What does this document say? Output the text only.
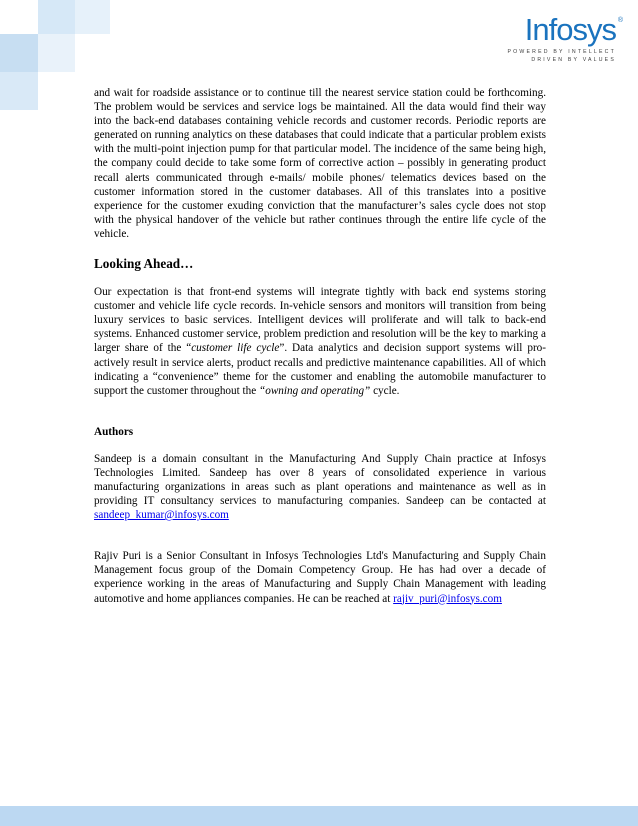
Infosys ®
POWERED BY INTELLECT
DRIVEN BY VALUES

and wait for roadside assistance or to continue till the nearest service station could be forthcoming. The problem would be services and service logs be maintained. All the data would find their way into the back-end databases containing vehicle records and customer records. Periodic reports are generated on running analytics on these databases that could indicate that a particular problem exists with the multi-point injection pump for that particular model. The incidence of the same being high, the company could decide to take some form of corrective action – possibly in generating product recall alerts communicated through e-mails/ mobile phones/ telematics devices based on the customer information stored in the customer databases. All of this translates into a positive experience for the customer exuding conviction that the manufacturer’s sales cycle does not stop with the physical handover of the vehicle but rather continues through the entire life cycle of the vehicle.

Looking Ahead…

Our expectation is that front-end systems will integrate tightly with back end systems storing customer and vehicle life cycle records. In-vehicle sensors and monitors will transition from being luxury services to basic services. Intelligent devices will proliferate and will talk to back-end systems. Enhanced customer service, problem prediction and resolution will be the key to marking a larger share of the “customer life cycle”. Data analytics and decision support systems will pro-actively result in service alerts, product recalls and predictive maintenance capabilities. All of which indicating a “convenience” theme for the customer and enabling the automobile manufacturer to support the customer throughout the “owning and operating” cycle.

Authors

Sandeep is a domain consultant in the Manufacturing And Supply Chain practice at Infosys Technologies Limited. Sandeep has over 8 years of consolidated experience in various manufacturing organizations in areas such as plant operations and maintenance as well as in providing IT consultancy services to manufacturing companies. Sandeep can be contacted at sandeep_kumar@infosys.com

Rajiv Puri is a Senior Consultant in Infosys Technologies Ltd's Manufacturing and Supply Chain Management focus group of the Domain Competency Group. He has had over a decade of experience working in the areas of Manufacturing and Supply Chain Management with leading automotive and home appliances companies. He can be reached at rajiv_puri@infosys.com
